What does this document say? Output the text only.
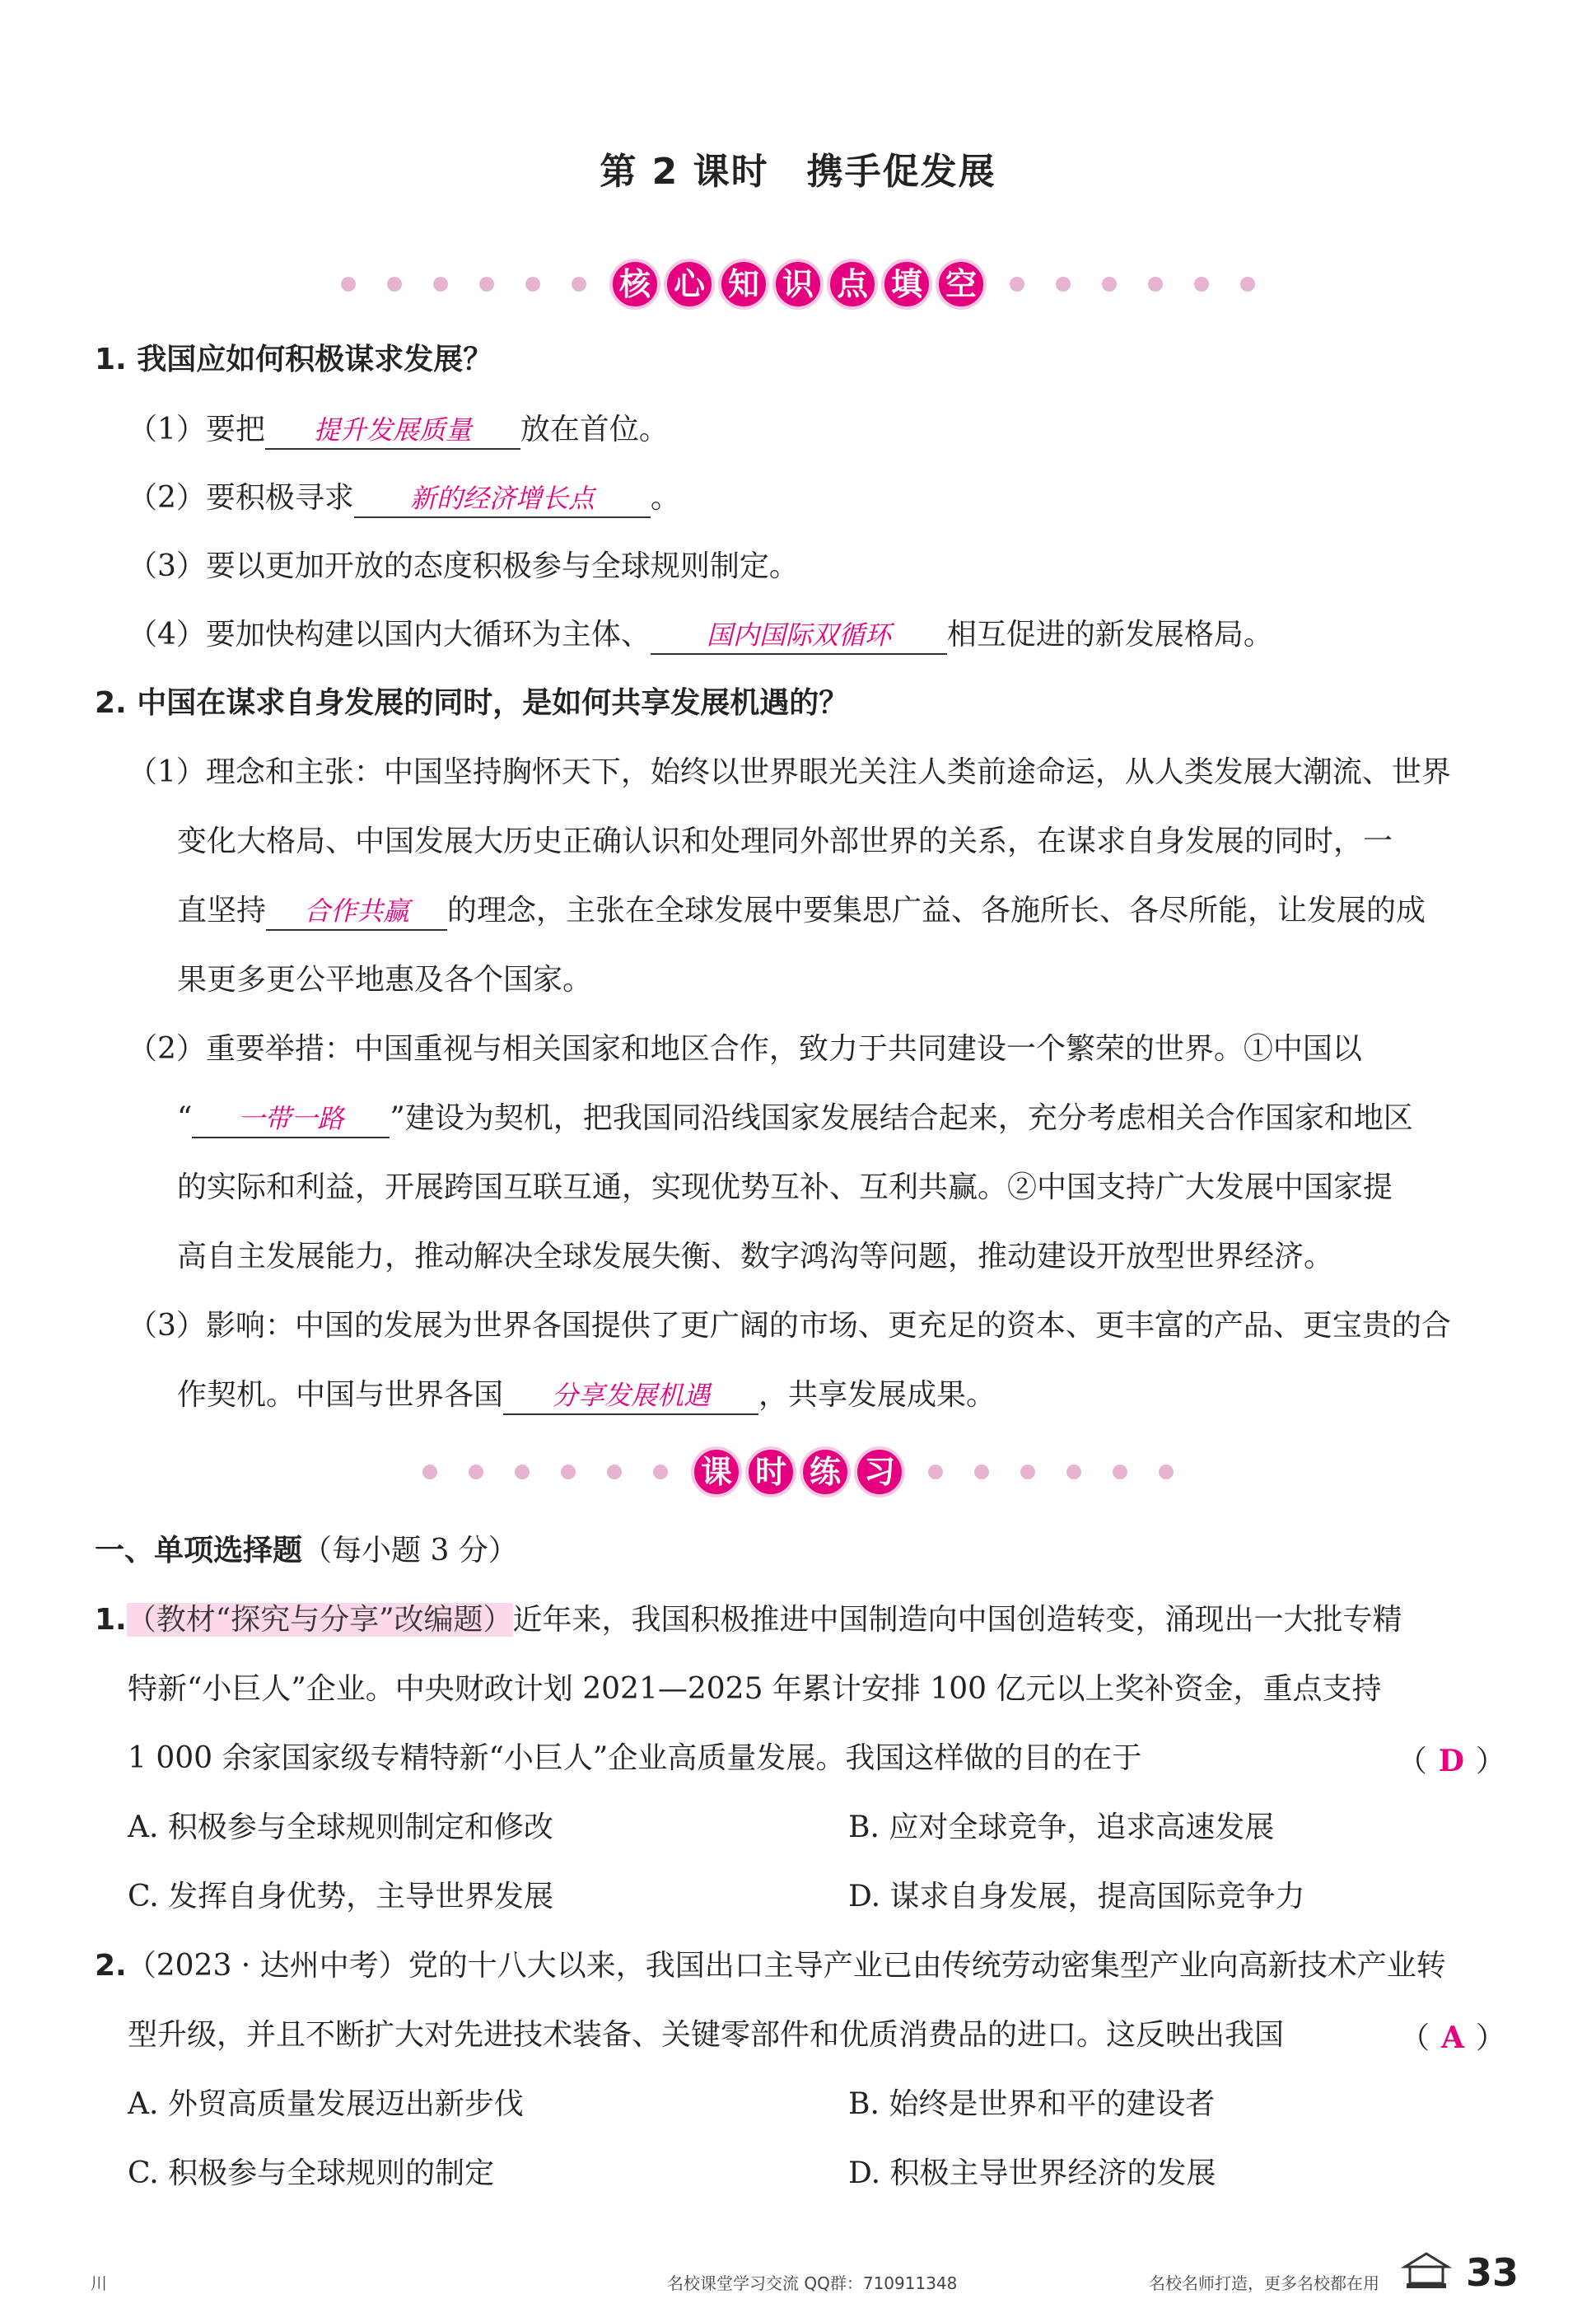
第 2 课时 携手促发展
核 心 知 识 点 填 空
1. 我国应如何积极谋求发展？
（1）要把 提升发展质量 放在首位。
（2）要积极寻求 新的经济增长点 。
（3）要以更加开放的态度积极参与全球规则制定。
（4）要加快构建以国内大循环为主体、 国内国际双循环 相互促进的新发展格局。
2. 中国在谋求自身发展的同时，是如何共享发展机遇的？
（1）理念和主张：中国坚持胸怀天下，始终以世界眼光关注人类前途命运，从人类发展大潮流、世界
变化大格局、中国发展大历史正确认识和处理同外部世界的关系，在谋求自身发展的同时，一
直坚持 合作共赢 的理念，主张在全球发展中要集思广益、各施所长、各尽所能，让发展的成
果更多更公平地惠及各个国家。
（2）重要举措：中国重视与相关国家和地区合作，致力于共同建设一个繁荣的世界。①中国以
“ 一带一路 ”建设为契机，把我国同沿线国家发展结合起来，充分考虑相关合作国家和地区
的实际和利益，开展跨国互联互通，实现优势互补、互利共赢。②中国支持广大发展中国家提
高自主发展能力，推动解决全球发展失衡、数字鸿沟等问题，推动建设开放型世界经济。
（3）影响：中国的发展为世界各国提供了更广阔的市场、更充足的资本、更丰富的产品、更宝贵的合
作契机。中国与世界各国 分享发展机遇 ，共享发展成果。
课 时 练 习
一、单项选择题（每小题 3 分）
1.（教材“探究与分享”改编题）近年来，我国积极推进中国制造向中国创造转变，涌现出一大批专精
特新“小巨人”企业。中央财政计划 2021—2025 年累计安排 100 亿元以上奖补资金，重点支持
1 000 余家国家级专精特新“小巨人”企业高质量发展。我国这样做的目的在于	（ D ）
A. 积极参与全球规则制定和修改	B. 应对全球竞争，追求高速发展
C. 发挥自身优势，主导世界发展	D. 谋求自身发展，提高国际竞争力
2.（2023 · 达州中考）党的十八大以来，我国出口主导产业已由传统劳动密集型产业向高新技术产业转
型升级，并且不断扩大对先进技术装备、关键零部件和优质消费品的进口。这反映出我国	（ A ）
A. 外贸高质量发展迈出新步伐	B. 始终是世界和平的建设者
C. 积极参与全球规则的制定	D. 积极主导世界经济的发展
川	名校课堂学习交流 QQ群：710911348	名校名师打造，更多名校都在用 33
